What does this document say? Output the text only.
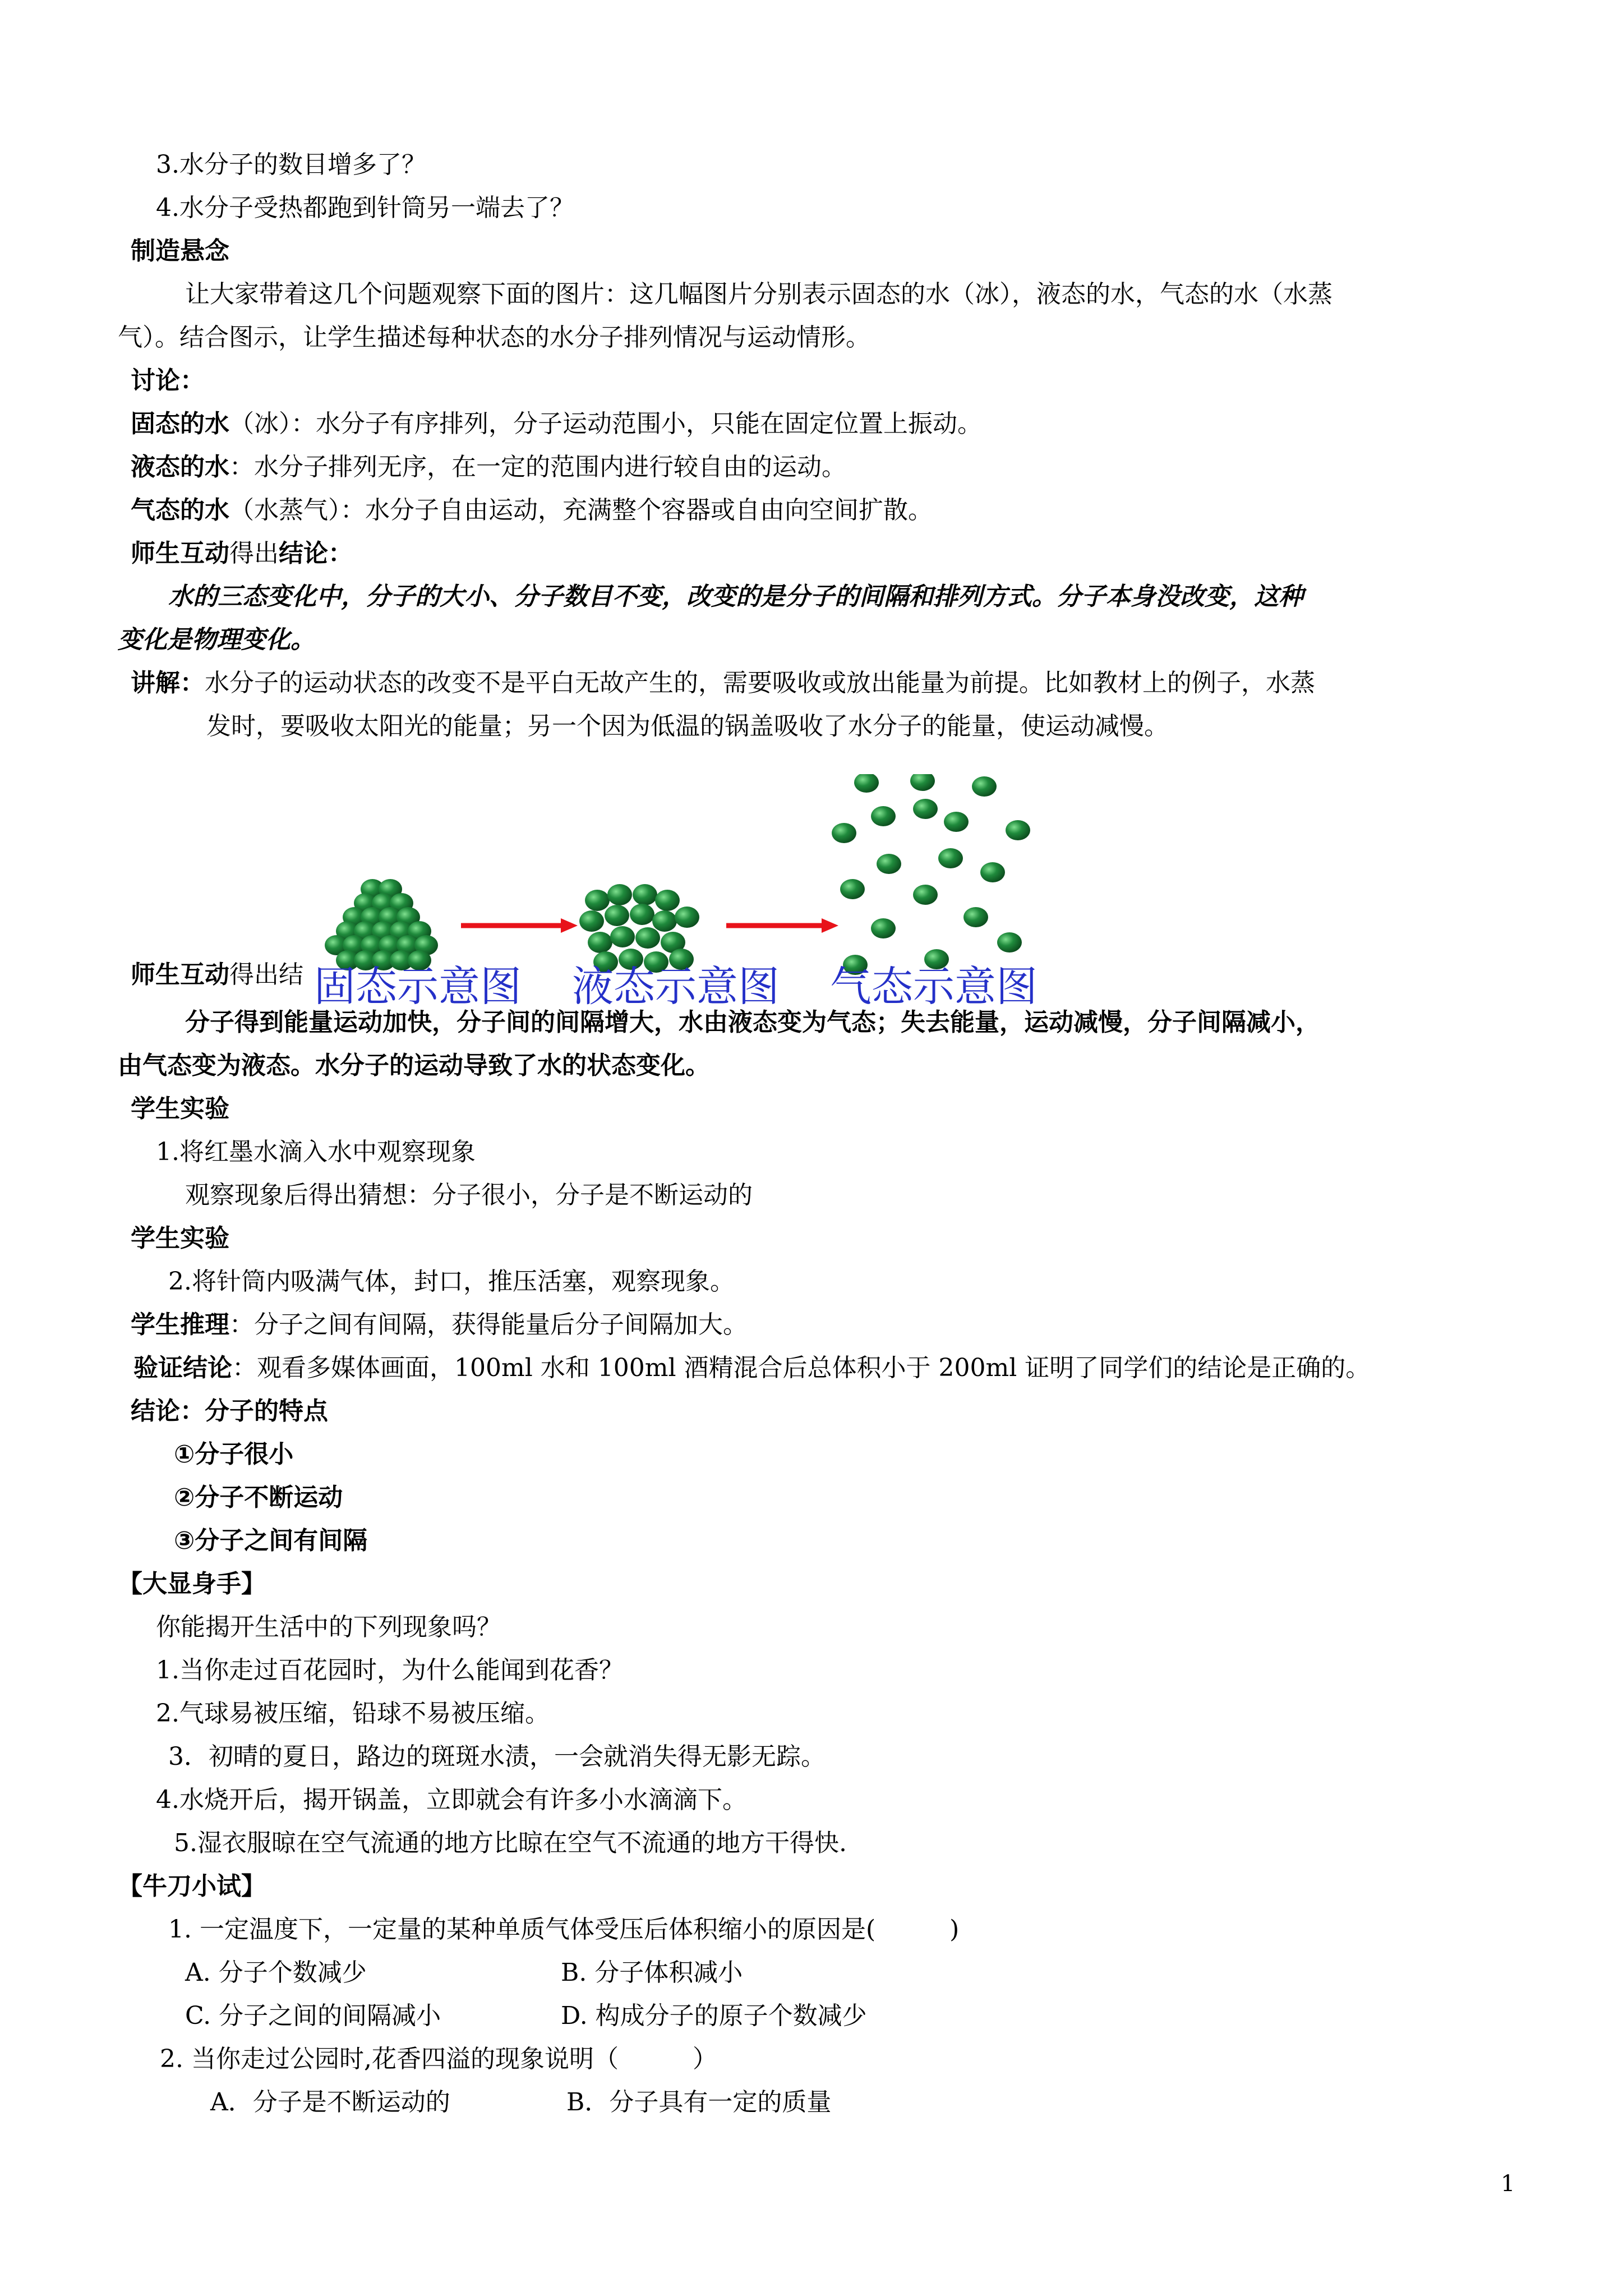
3.水分子的数目增多了？
4.水分子受热都跑到针筒另一端去了？
制造悬念
让大家带着这几个问题观察下面的图片：这几幅图片分别表示固态的水（冰），液态的水，气态的水（水蒸
气）。结合图示，让学生描述每种状态的水分子排列情况与运动情形。
讨论：
固态的水（冰）：水分子有序排列，分子运动范围小，只能在固定位置上振动。
液态的水：水分子排列无序，在一定的范围内进行较自由的运动。
气态的水（水蒸气）：水分子自由运动，充满整个容器或自由向空间扩散。
师生互动得出结论：
水的三态变化中，分子的大小、分子数目不变，改变的是分子的间隔和排列方式。分子本身没改变，这种
变化是物理变化。
讲解：水分子的运动状态的改变不是平白无故产生的，需要吸收或放出能量为前提。比如教材上的例子，水蒸
发时，要吸收太阳光的能量；另一个因为低温的锅盖吸收了水分子的能量，使运动减慢。
师生互动得出结 固态示意图 液态示意图 气态示意图
分子得到能量运动加快，分子间的间隔增大，水由液态变为气态；失去能量，运动减慢，分子间隔减小，
由气态变为液态。水分子的运动导致了水的状态变化。
学生实验
1.将红墨水滴入水中观察现象
观察现象后得出猜想：分子很小，分子是不断运动的
学生实验
2.将针筒内吸满气体，封口，推压活塞，观察现象。
学生推理：分子之间有间隔，获得能量后分子间隔加大。
验证结论：观看多媒体画面，100ml 水和 100ml 酒精混合后总体积小于 200ml 证明了同学们的结论是正确的。
结论：分子的特点
①分子很小
②分子不断运动
③分子之间有间隔
【大显身手】
你能揭开生活中的下列现象吗？
1.当你走过百花园时，为什么能闻到花香？
2.气球易被压缩，铅球不易被压缩。
3．初晴的夏日，路边的斑斑水渍，一会就消失得无影无踪。
4.水烧开后，揭开锅盖，立即就会有许多小水滴滴下。
5.湿衣服晾在空气流通的地方比晾在空气不流通的地方干得快.
【牛刀小试】
1. 一定温度下，一定量的某种单质气体受压后体积缩小的原因是(　　　)
A. 分子个数减少	B. 分子体积减小
C. 分子之间的间隔减小	D. 构成分子的原子个数减少
2. 当你走过公园时,花香四溢的现象说明（　　　）
A．分子是不断运动的	B．分子具有一定的质量
1
